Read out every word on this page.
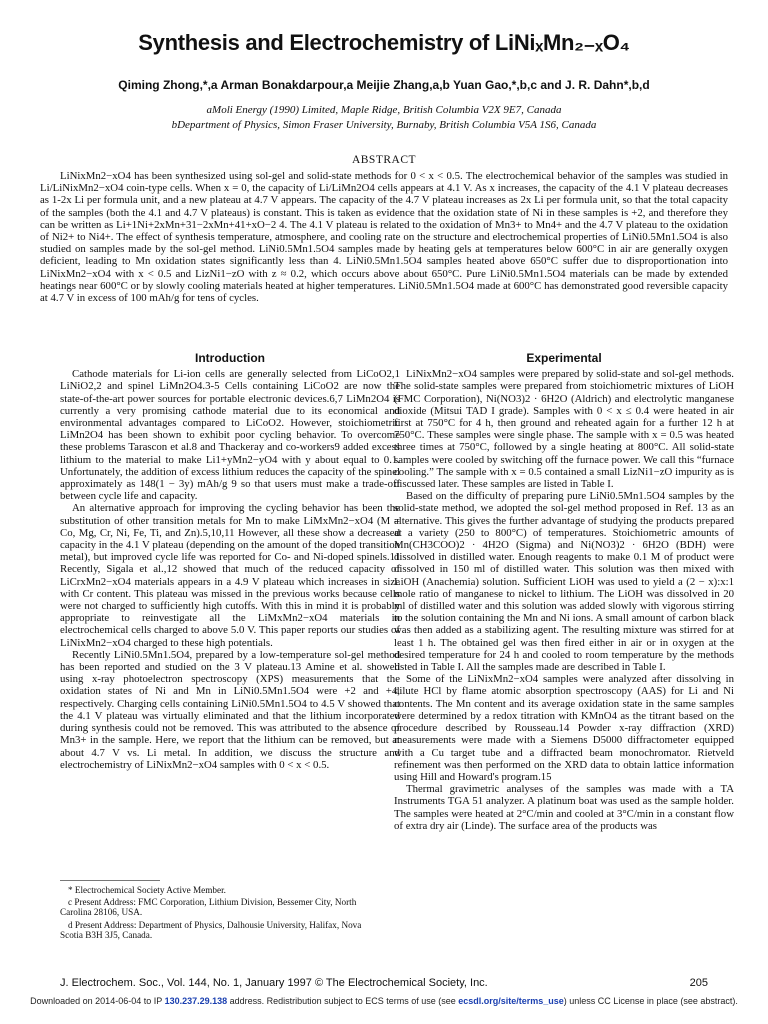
Synthesis and Electrochemistry of LiNiₓMn₂₋ₓO₄
Qiming Zhong,*,a Arman Bonakdarpour,a Meijie Zhang,a,b Yuan Gao,*,b,c and J. R. Dahn*,b,d
aMoli Energy (1990) Limited, Maple Ridge, British Columbia V2X 9E7, Canada
bDepartment of Physics, Simon Fraser University, Burnaby, British Columbia V5A 1S6, Canada
ABSTRACT

LiNixMn2−xO4 has been synthesized using sol-gel and solid-state methods for 0 < x < 0.5. The electrochemical behavior of the samples was studied in Li/LiNixMn2−xO4 coin-type cells. When x = 0, the capacity of Li/LiMn2O4 cells appears at 4.1 V. As x increases, the capacity of the 4.1 V plateau decreases as 1-2x Li per formula unit, and a new plateau at 4.7 V appears. The capacity of the 4.7 V plateau increases as 2x Li per formula unit, so that the total capacity of the samples (both the 4.1 and 4.7 V plateaus) is constant. This is taken as evidence that the oxidation state of Ni in these samples is +2, and therefore they can be written as Li+1Ni+2xMn+31−2xMn+41+xO−2 4. The 4.1 V plateau is related to the oxidation of Mn3+ to Mn4+ and the 4.7 V plateau to the oxidation of Ni2+ to Ni4+. The effect of synthesis temperature, atmosphere, and cooling rate on the structure and electrochemical properties of LiNi0.5Mn1.5O4 is also studied on samples made by the sol-gel method. LiNi0.5Mn1.5O4 samples made by heating gels at temperatures below 600°C in air are generally oxygen deficient, leading to Mn oxidation states significantly less than 4. LiNi0.5Mn1.5O4 samples heated above 650°C suffer due to disproportionation into LiNixMn2−xO4 with x < 0.5 and LizNi1−zO with z ≈ 0.2, which occurs above about 650°C. Pure LiNi0.5Mn1.5O4 materials can be made by extended heatings near 600°C or by slowly cooling materials heated at higher temperatures. LiNi0.5Mn1.5O4 made at 600°C has demonstrated good reversible capacity at 4.7 V in excess of 100 mAh/g for tens of cycles.

Introduction

Cathode materials for Li-ion cells are generally selected from LiCoO2,1 LiNiO2,2 and spinel LiMn2O4.3-5 Cells containing LiCoO2 are now the state-of-the-art power sources for portable electronic devices.6,7 LiMn2O4 is currently a very promising cathode material due to its economical and environmental advantages compared to LiCoO2. However, stoichiometric LiMn2O4 has been shown to exhibit poor cycling behavior. To overcome these problems Tarascon et al.8 and Thackeray and co-workers9 added excess lithium to the material to make Li1+yMn2−yO4 with y about equal to 0.1. Unfortunately, the addition of excess lithium reduces the capacity of the spinel approximately as 148(1 − 3y) mAh/g 9 so that users must make a trade-off between cycle life and capacity.

An alternative approach for improving the cycling behavior has been the substitution of other transition metals for Mn to make LiMxMn2−xO4 (M = Co, Mg, Cr, Ni, Fe, Ti, and Zn).5,10,11 However, all these show a decreased capacity in the 4.1 V plateau (depending on the amount of the doped transition metal), but improved cycle life was reported for Co- and Ni-doped spinels.11 Recently, Sigala et al.,12 showed that much of the reduced capacity of LiCrxMn2−xO4 materials appears in a 4.9 V plateau which increases in size with Cr content. This plateau was missed in the previous works because cells were not charged to sufficiently high cutoffs. With this in mind it is probably appropriate to reinvestigate all the LiMxMn2−xO4 materials in electrochemical cells charged to above 5.0 V. This paper reports our studies of LiNixMn2−xO4 charged to these high potentials.

Recently LiNi0.5Mn1.5O4, prepared by a low-temperature sol-gel method has been reported and studied on the 3 V plateau.13 Amine et al. showed using x-ray photoelectron spectroscopy (XPS) measurements that the oxidation states of Ni and Mn in LiNi0.5Mn1.5O4 were +2 and +4, respectively. Charging cells containing LiNi0.5Mn1.5O4 to 4.5 V showed that the 4.1 V plateau was virtually eliminated and that the lithium incorporated during synthesis could not be removed. This was attributed to the absence of Mn3+ in the sample. Here, we report that the lithium can be removed, but at about 4.7 V vs. Li metal. In addition, we discuss the structure and electrochemistry of LiNixMn2−xO4 samples with 0 < x < 0.5.

* Electrochemical Society Active Member.

c Present Address: FMC Corporation, Lithium Division, Bessemer City, North Carolina 28106, USA.

d Present Address: Department of Physics, Dalhousie University, Halifax, Nova Scotia B3H 3J5, Canada.

Experimental

LiNixMn2−xO4 samples were prepared by solid-state and sol-gel methods. The solid-state samples were prepared from stoichiometric mixtures of LiOH (FMC Corporation), Ni(NO3)2 · 6H2O (Aldrich) and electrolytic manganese dioxide (Mitsui TAD I grade). Samples with 0 < x ≤ 0.4 were heated in air first at 750°C for 4 h, then ground and reheated again for a further 12 h at 750°C. These samples were single phase. The sample with x = 0.5 was heated three times at 750°C, followed by a single heating at 800°C. All solid-state samples were cooled by switching off the furnace power. We call this “furnace cooling.” The sample with x = 0.5 contained a small LizNi1−zO impurity as is discussed later. These samples are listed in Table I.

Based on the difficulty of preparing pure LiNi0.5Mn1.5O4 samples by the solid-state method, we adopted the sol-gel method proposed in Ref. 13 as an alternative. This gives the further advantage of studying the products prepared at a variety (250 to 800°C) of temperatures. Stoichiometric amounts of Mn(CH3COO)2 · 4H2O (Sigma) and Ni(NO3)2 · 6H2O (BDH) were dissolved in distilled water. Enough reagents to make 0.1 M of product were dissolved in 150 ml of distilled water. This solution was then mixed with LiOH (Anachemia) solution. Sufficient LiOH was used to yield a (2 − x):x:1 mole ratio of manganese to nickel to lithium. The LiOH was dissolved in 20 ml of distilled water and this solution was added slowly with vigorous stirring to the solution containing the Mn and Ni ions. A small amount of carbon black was then added as a stabilizing agent. The resulting mixture was stirred for at least 1 h. The obtained gel was then fired either in air or in oxygen at the desired temperature for 24 h and cooled to room temperature by the methods listed in Table I. All the samples made are described in Table I.

Some of the LiNixMn2−xO4 samples were analyzed after dissolving in dilute HCl by flame atomic absorption spectroscopy (AAS) for Li and Ni contents. The Mn content and its average oxidation state in the same samples were determined by a redox titration with KMnO4 as the titrant based on the procedure described by Rousseau.14 Powder x-ray diffraction (XRD) measurements were made with a Siemens D5000 diffractometer equipped with a Cu target tube and a diffracted beam monochromator. Rietveld refinement was then performed on the XRD data to obtain lattice information using Hill and Howard's program.15

Thermal gravimetric analyses of the samples was made with a TA Instruments TGA 51 analyzer. A platinum boat was used as the sample holder. The samples were heated at 2°C/min and cooled at 3°C/min in a constant flow of extra dry air (Linde). The surface area of the products was

J. Electrochem. Soc., Vol. 144, No. 1, January 1997 © The Electrochemical Society, Inc.	205
Downloaded on 2014-06-04 to IP 130.237.29.138 address. Redistribution subject to ECS terms of use (see ecsdl.org/site/terms_use) unless CC License in place (see abstract).
